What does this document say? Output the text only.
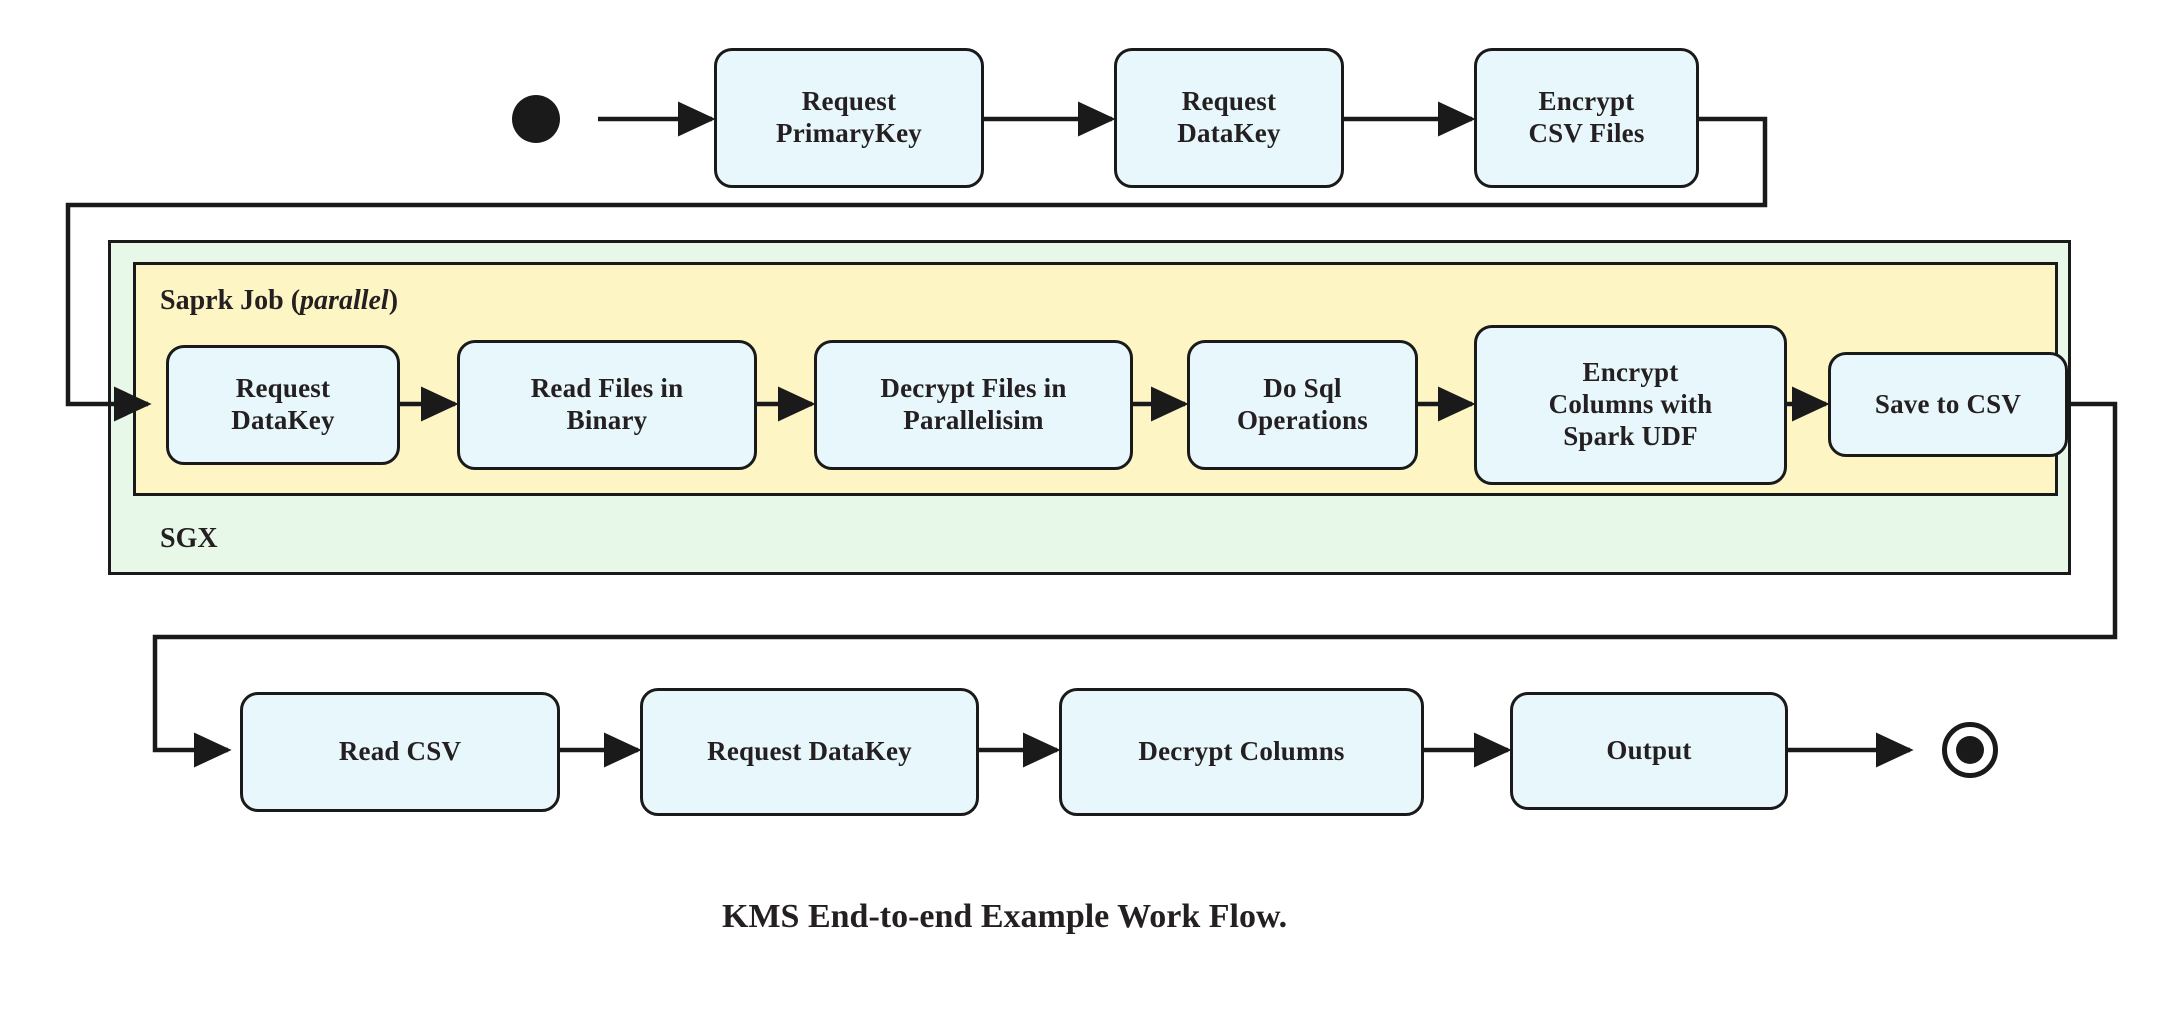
Saprk Job (parallel)
SGX
Request
PrimaryKey
Request
DataKey
Encrypt
CSV Files
Request
DataKey
Read Files in
Binary
Decrypt Files in
Parallelisim
Do Sql
Operations
Encrypt
Columns with
Spark UDF
Save to CSV
Read CSV	Request DataKey	Decrypt Columns	Output
KMS End-to-end Example Work Flow.
